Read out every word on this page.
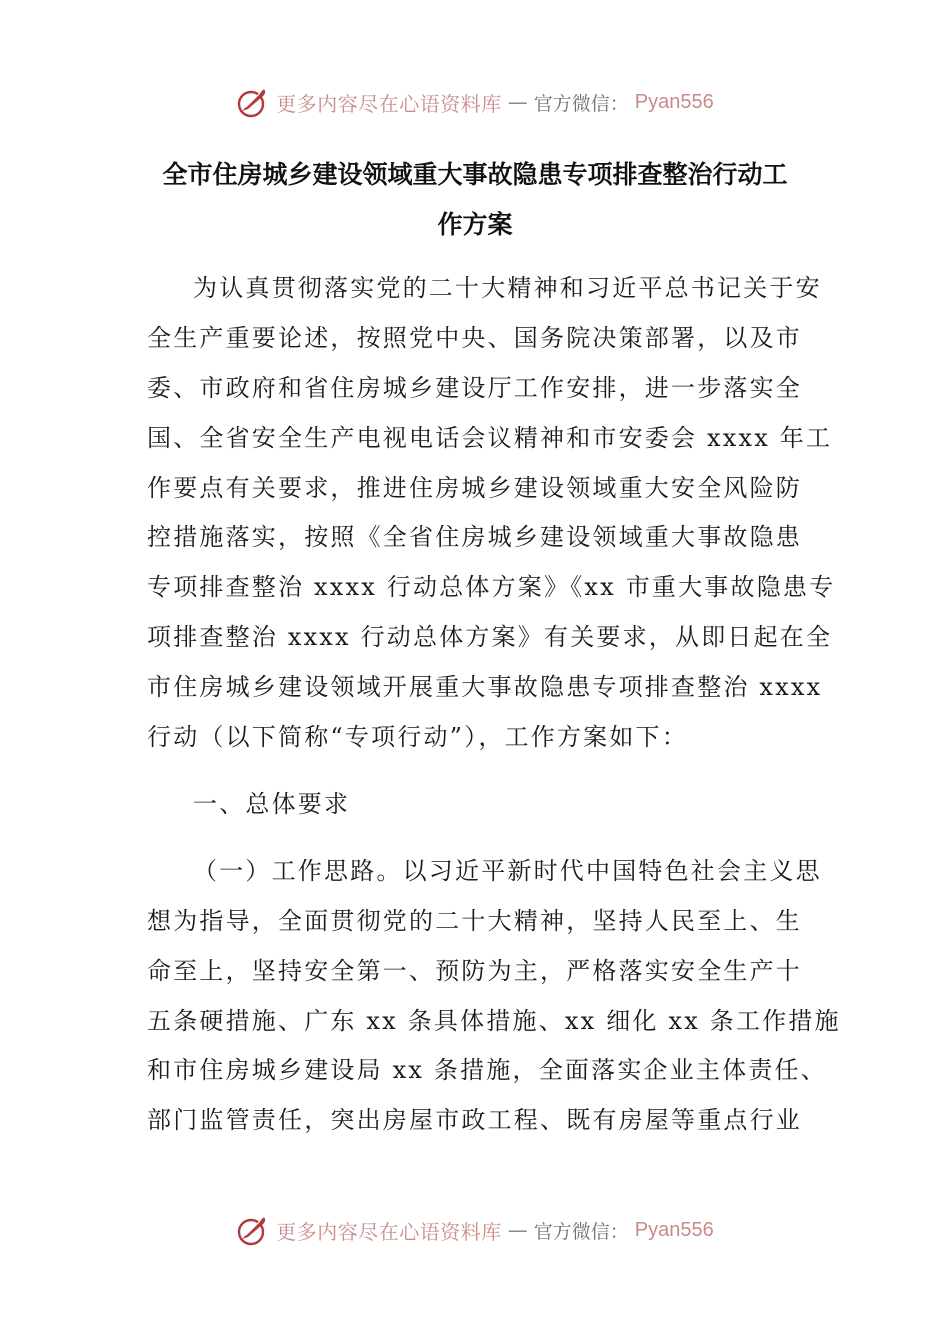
更多内容尽在心语资料库 — 官方微信： Pyan556
全市住房城乡建设领域重大事故隐患专项排查整治行动工
作方案
为认真贯彻落实党的二十大精神和习近平总书记关于安
全生产重要论述，按照党中央、国务院决策部署，以及市
委、市政府和省住房城乡建设厅工作安排，进一步落实全
国、全省安全生产电视电话会议精神和市安委会 xxxx 年工
作要点有关要求，推进住房城乡建设领域重大安全风险防
控措施落实，按照《全省住房城乡建设领域重大事故隐患
专项排查整治 xxxx 行动总体方案》《xx 市重大事故隐患专
项排查整治 xxxx 行动总体方案》有关要求，从即日起在全
市住房城乡建设领域开展重大事故隐患专项排查整治 xxxx
行动（以下简称“专项行动”），工作方案如下：
一、总体要求
（一）工作思路。以习近平新时代中国特色社会主义思
想为指导，全面贯彻党的二十大精神，坚持人民至上、生
命至上，坚持安全第一、预防为主，严格落实安全生产十
五条硬措施、广东 xx 条具体措施、xx 细化 xx 条工作措施
和市住房城乡建设局 xx 条措施，全面落实企业主体责任、
部门监管责任，突出房屋市政工程、既有房屋等重点行业
更多内容尽在心语资料库 — 官方微信： Pyan556
